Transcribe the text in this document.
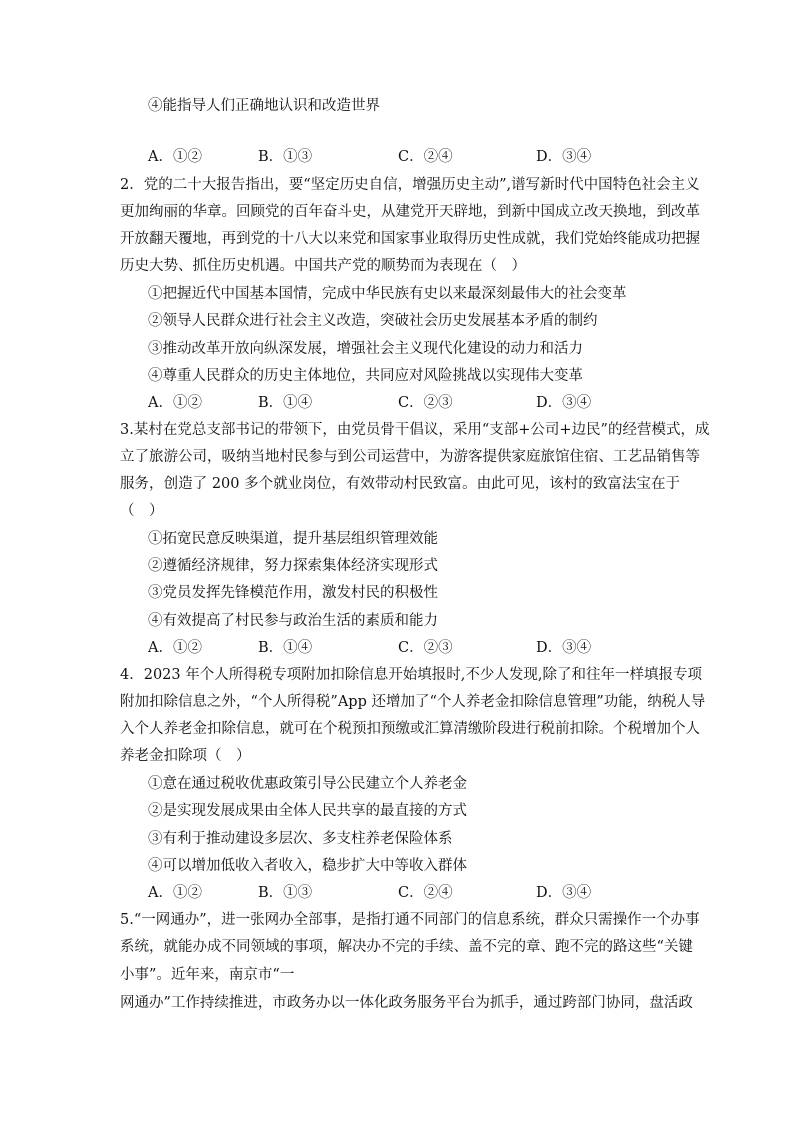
④能指导人们正确地认识和改造世界
A．①②	B．①③	C．②④	D．③④
2．党的二十大报告指出，要“坚定历史自信，增强历史主动”,谱写新时代中国特色社会主义
更加绚丽的华章。回顾党的百年奋斗史，从建党开天辟地，到新中国成立改天换地，到改革
开放翻天覆地，再到党的十八大以来党和国家事业取得历史性成就，我们党始终能成功把握
历史大势、抓住历史机遇。中国共产党的顺势而为表现在（　）
①把握近代中国基本国情，完成中华民族有史以来最深刻最伟大的社会变革
②领导人民群众进行社会主义改造，突破社会历史发展基本矛盾的制约
③推动改革开放向纵深发展，增强社会主义现代化建设的动力和活力
④尊重人民群众的历史主体地位，共同应对风险挑战以实现伟大变革
A．①②	B．①④	C．②③	D．③④
3.某村在党总支部书记的带领下，由党员骨干倡议，采用“支部+公司+边民”的经营模式，成
立了旅游公司，吸纳当地村民参与到公司运营中，为游客提供家庭旅馆住宿、工艺品销售等
服务，创造了 200 多个就业岗位，有效带动村民致富。由此可见，该村的致富法宝在于
（　）
①拓宽民意反映渠道，提升基层组织管理效能
②遵循经济规律，努力探索集体经济实现形式
③党员发挥先锋模范作用，激发村民的积极性
④有效提高了村民参与政治生活的素质和能力
A．①②	B．①④	C．②③	D．③④
4．2023 年个人所得税专项附加扣除信息开始填报时,不少人发现,除了和往年一样填报专项
附加扣除信息之外，“个人所得税”App 还增加了“个人养老金扣除信息管理”功能，纳税人导
入个人养老金扣除信息，就可在个税预扣预缴或汇算清缴阶段进行税前扣除。个税增加个人
养老金扣除项（　）
①意在通过税收优惠政策引导公民建立个人养老金
②是实现发展成果由全体人民共享的最直接的方式
③有利于推动建设多层次、多支柱养老保险体系
④可以增加低收入者收入，稳步扩大中等收入群体
A．①②	B．①③	C．②④	D．③④
5.“一网通办”，进一张网办全部事，是指打通不同部门的信息系统，群众只需操作一个办事
系统，就能办成不同领域的事项，解决办不完的手续、盖不完的章、跑不完的路这些“关键
小事”。近年来，南京市“一
网通办”工作持续推进，市政务办以一体化政务服务平台为抓手，通过跨部门协同，盘活政
